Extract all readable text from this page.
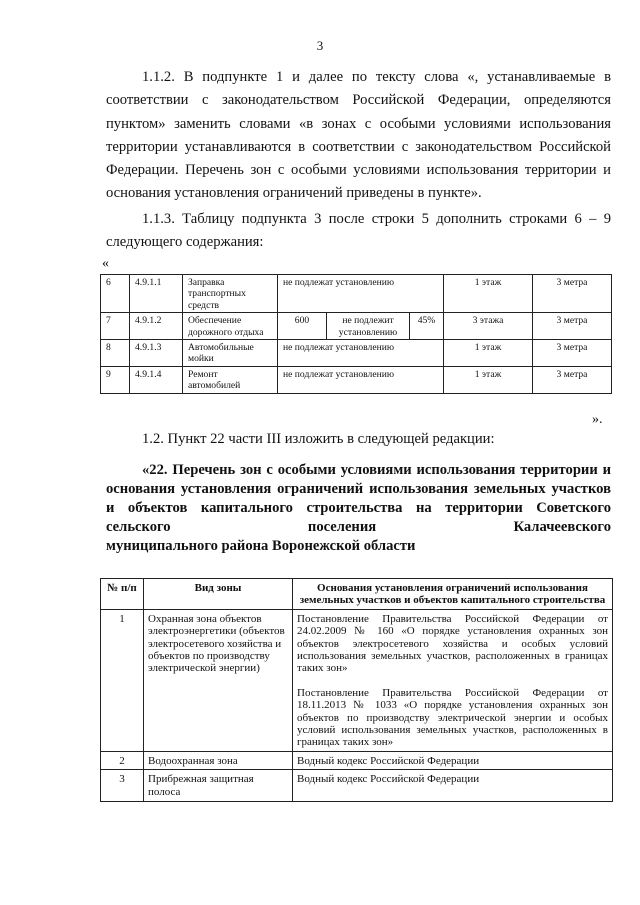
3

1.1.2. В подпункте 1 и далее по тексту слова «, устанавливаемые в соответствии с законодательством Российской Федерации, определяются пунктом» заменить словами «в зонах с особыми условиями использования территории устанавливаются в соответствии с законодательством Российской Федерации. Перечень зон с особыми условиями использования территории и основания установления ограничений приведены в пункте».

1.1.3. Таблицу подпункта 3 после строки 5 дополнить строками 6 – 9 следующего содержания:

«
6	4.9.1.1	Заправка транспортных средств	не подлежат установлению			1 этаж	3 метра
7	4.9.1.2	Обеспечение дорожного отдыха	600	не подлежит установлению	45%	3 этажа	3 метра
8	4.9.1.3	Автомобильные мойки	не подлежат установлению			1 этаж	3 метра
9	4.9.1.4	Ремонт автомобилей	не подлежат установлению			1 этаж	3 метра
».

1.2. Пункт 22 части III изложить в следующей редакции:

«22. Перечень зон с особыми условиями использования территории и основания установления ограничений использования земельных участков и объектов капитального строительства на территории Советского сельского поселения Калачеевского

муниципального района Воронежской области

№ п/п	Вид зоны	Основания установления ограничений использования земельных участков и объектов капитального строительства
1	Охранная зона объектов электроэнергетики (объектов электросетевого хозяйства и объектов по производству электрической энергии)	Постановление Правительства Российской Федерации от 24.02.2009 № 160 «О порядке установления охранных зон объектов электросетевого хозяйства и особых условий использования земельных участков, расположенных в границах таких зон»
Постановление Правительства Российской Федерации от 18.11.2013 № 1033 «О порядке установления охранных зон объектов по производству электрической энергии и особых условий использования земельных участков, расположенных в границах таких зон»

2	Водоохранная зона	Водный кодекс Российской Федерации
3	Прибрежная защитная полоса	Водный кодекс Российской Федерации
